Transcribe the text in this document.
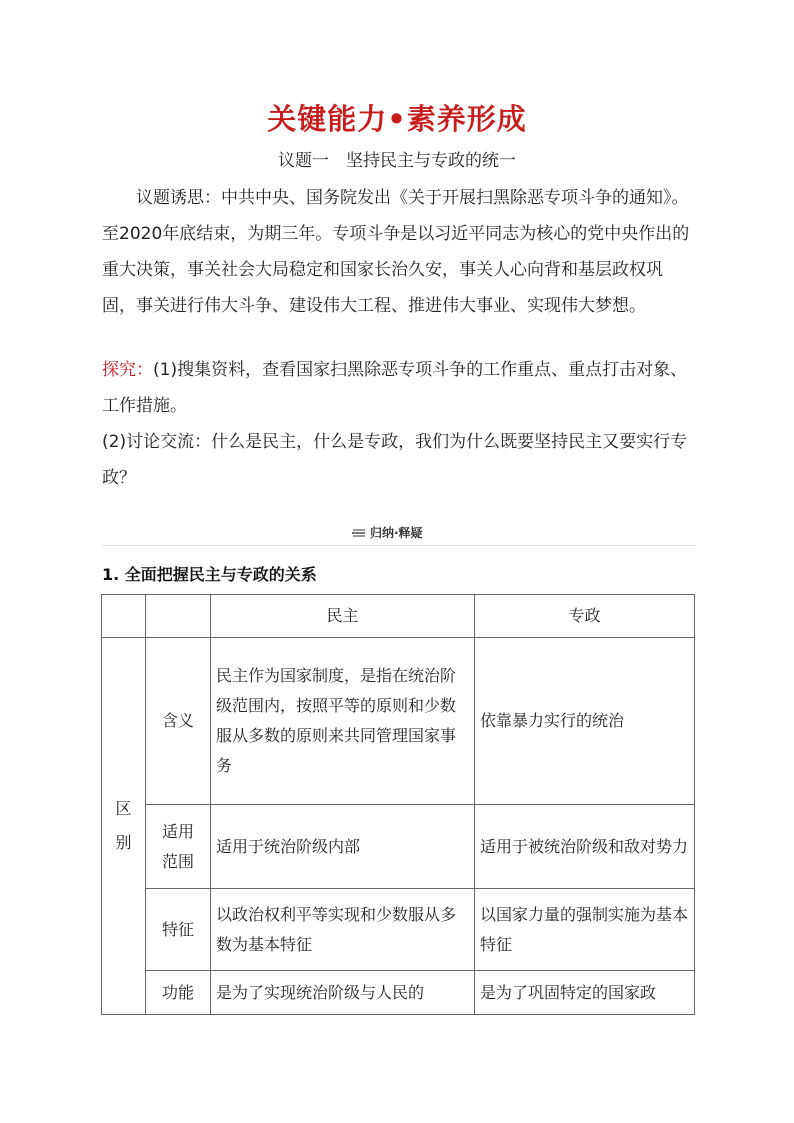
关键能力•素养形成
议题一　坚持民主与专政的统一
议题诱思：中共中央、国务院发出《关于开展扫黑除恶专项斗争的通知》。至2020年底结束，为期三年。专项斗争是以习近平同志为核心的党中央作出的重大决策，事关社会大局稳定和国家长治久安，事关人心向背和基层政权巩固，事关进行伟大斗争、建设伟大工程、推进伟大事业、实现伟大梦想。
探究：(1)搜集资料，查看国家扫黑除恶专项斗争的工作重点、重点打击对象、工作措施。
(2)讨论交流：什么是民主，什么是专政，我们为什么既要坚持民主又要实行专政？
归纳·释疑
1. 全面把握民主与专政的关系
		民主	专政

区别	含义	民主作为国家制度，是指在统治阶级范围内，按照平等的原则和少数服从多数的原则来共同管理国家事务	依靠暴力实行的统治

	适用范围	适用于统治阶级内部	适用于被统治阶级和敌对势力
	特征	以政治权利平等实现和少数服从多数为基本特征	以国家力量的强制实施为基本特征
	功能	是为了实现统治阶级与人民的	是为了巩固特定的国家政
